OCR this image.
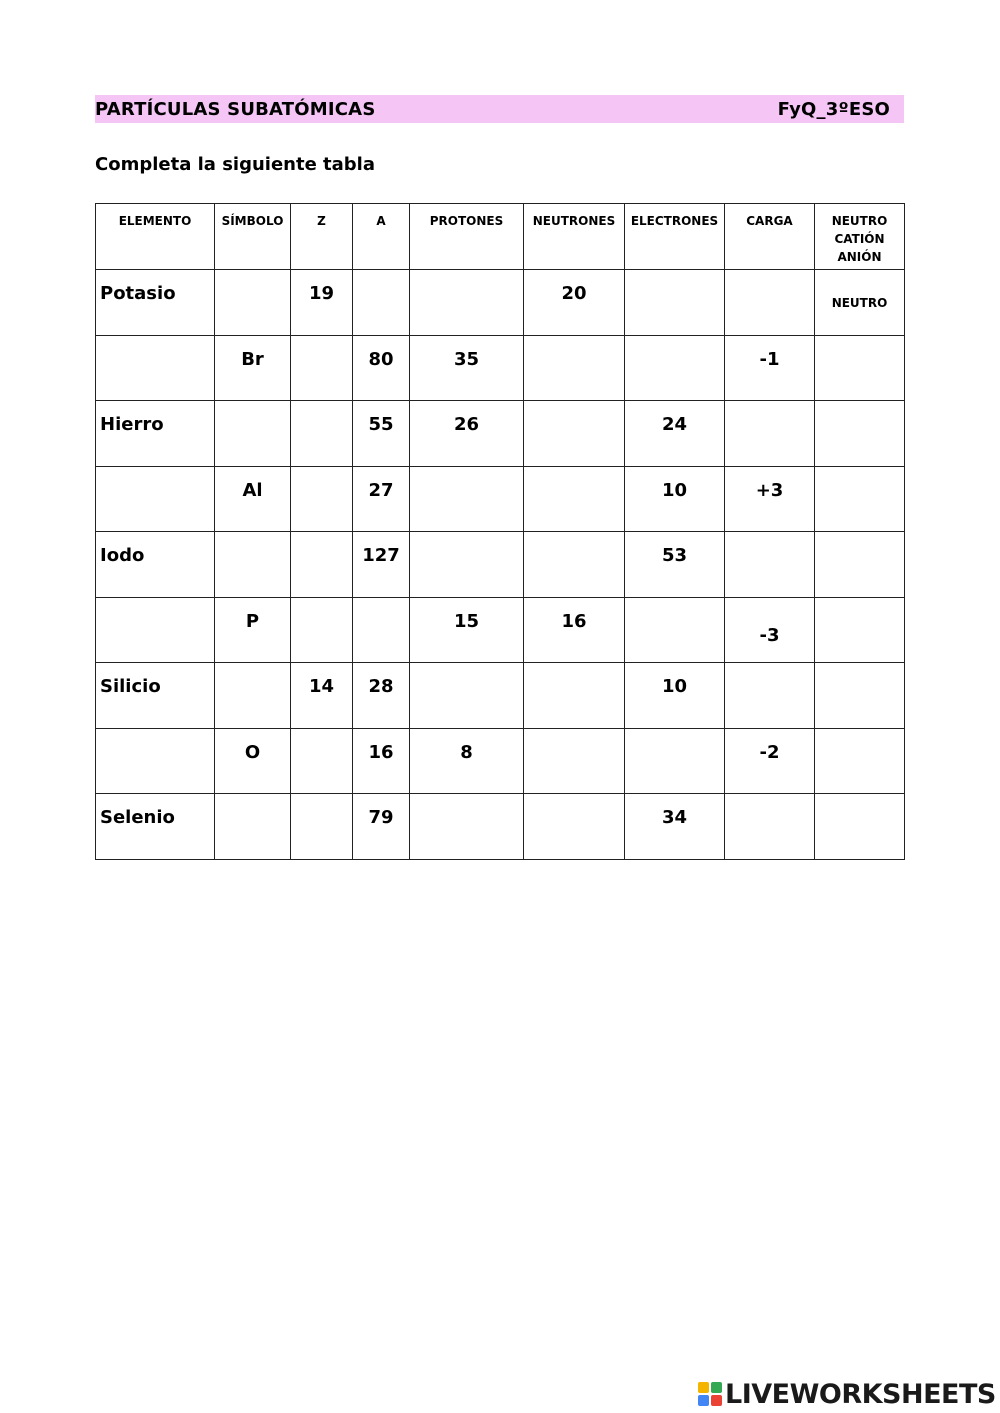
PARTÍCULAS SUBATÓMICAS	FyQ_3ºESO
Completa la siguiente tabla
ELEMENTO	SÍMBOLO	Z	A	PROTONES	NEUTRONES	ELECTRONES	CARGA	NEUTRO
CATIÓN
ANIÓN
Potasio		19			20			NEUTRO
	Br		80	35			-1	
Hierro			55	26		24		
	Al		27			10	+3	
Iodo			127			53		
	P			15	16		-3	
Silicio		14	28			10		
	O		16	8			-2	
Selenio			79			34		
LIVEWORKSHEETS
